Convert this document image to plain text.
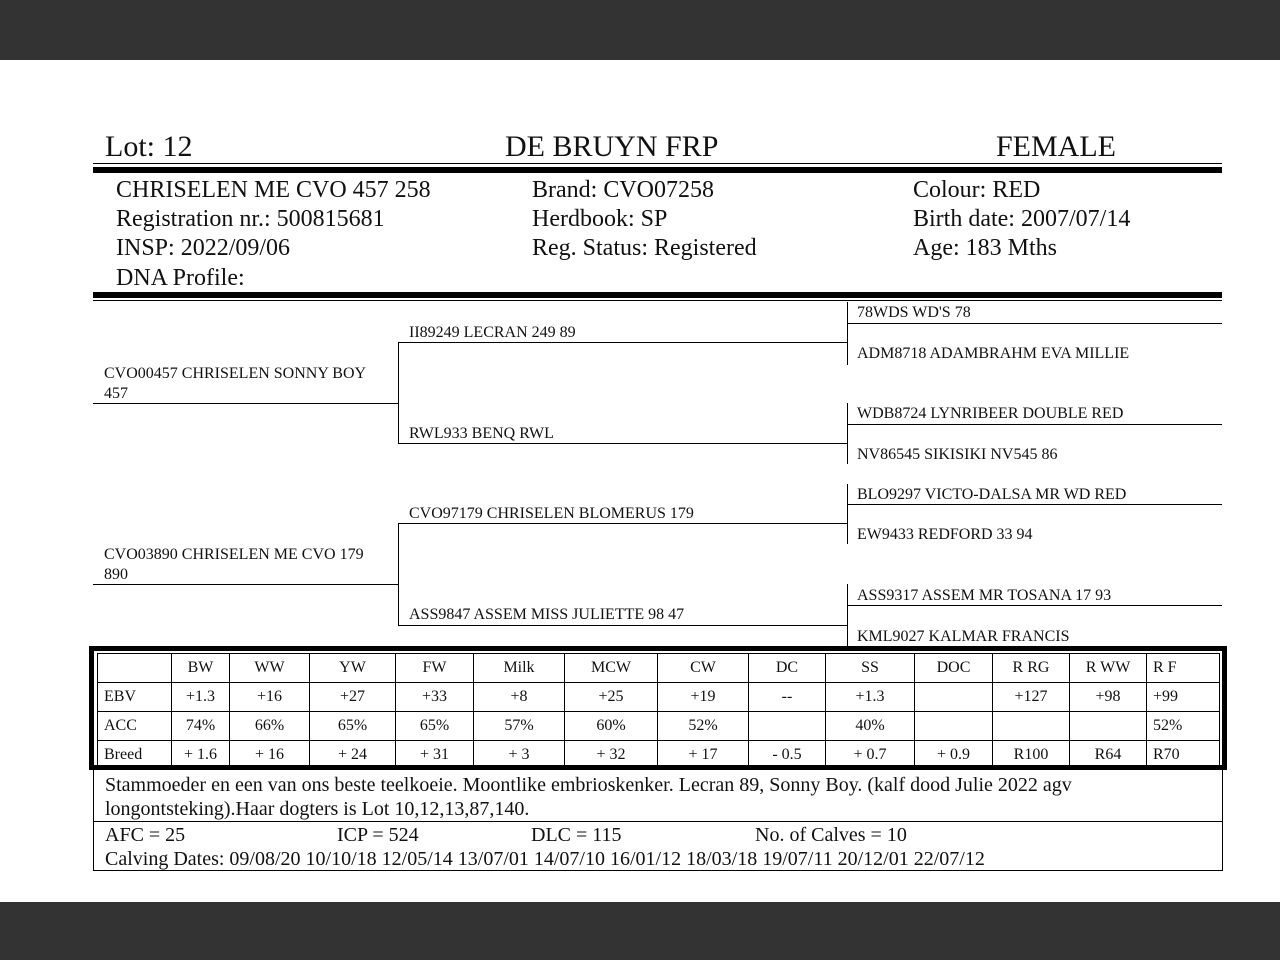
Lot: 12	DE BRUYN FRP	FEMALE
CHRISELEN ME CVO 457 258
Registration nr.: 500815681
INSP: 2022/09/06
DNA Profile:
Brand: CVO07258
Herdbook: SP
Reg. Status: Registered
Colour: RED
Birth date: 2007/07/14
Age: 183 Mths
CVO00457 CHRISELEN SONNY BOY 457
CVO03890 CHRISELEN ME CVO 179 890
II89249 LECRAN 249 89
RWL933 BENQ RWL
CVO97179 CHRISELEN BLOMERUS 179
ASS9847 ASSEM MISS JULIETTE 98 47
78WDS WD'S 78
ADM8718 ADAMBRAHM EVA MILLIE
WDB8724 LYNRIBEER DOUBLE RED
NV86545 SIKISIKI NV545 86
BLO9297 VICTO-DALSA MR WD RED
EW9433 REDFORD 33 94
ASS9317 ASSEM MR TOSANA 17 93
KML9027 KALMAR FRANCIS
	BW	WW	YW	FW	Milk	MCW	CW	DC	SS	DOC	R RG	R WW	R F
EBV	+1.3	+16	+27	+33	+8	+25	+19	--	+1.3		+127	+98	+99
ACC	74%	66%	65%	65%	57%	60%	52%		40%				52%
Breed	+ 1.6	+ 16	+ 24	+ 31	+ 3	+ 32	+ 17	- 0.5	+ 0.7	+ 0.9	R100	R64	R70
Stammoeder en een van ons beste teelkoeie. Moontlike embrioskenker. Lecran 89, Sonny Boy. (kalf dood Julie 2022 agv
longontsteking).Haar dogters is Lot 10,12,13,87,140.
AFC = 25	ICP = 524	DLC = 115	No. of Calves = 10
Calving Dates: 09/08/20 10/10/18 12/05/14 13/07/01 14/07/10 16/01/12 18/03/18 19/07/11 20/12/01 22/07/12
